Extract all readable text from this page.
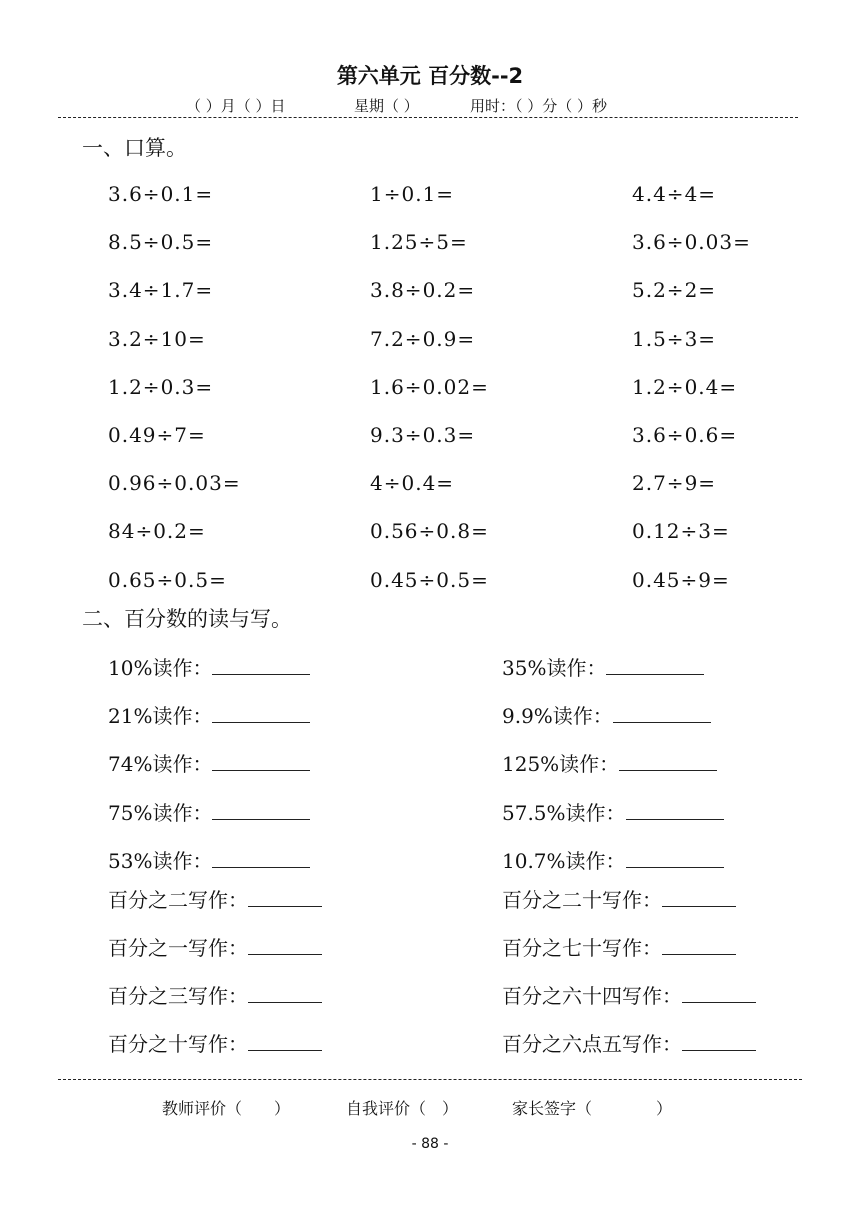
第六单元 百分数--2
（ ）月（ ）日	星期（ ）	用时：（ ）分（ ）秒
一、口算。
3.6÷0.1=	1÷0.1=	4.4÷4=
8.5÷0.5=	1.25÷5=	3.6÷0.03=
3.4÷1.7=	3.8÷0.2=	5.2÷2=
3.2÷10=	7.2÷0.9=	1.5÷3=
1.2÷0.3=	1.6÷0.02=	1.2÷0.4=
0.49÷7=	9.3÷0.3=	3.6÷0.6=
0.96÷0.03=	4÷0.4=	2.7÷9=
84÷0.2=	0.56÷0.8=	0.12÷3=
0.65÷0.5=	0.45÷0.5=	0.45÷9=
二、百分数的读与写。
10%读作：	35%读作：
21%读作：	9.9%读作：
74%读作：	125%读作：
75%读作：	57.5%读作：
53%读作：	10.7%读作：
百分之二写作：	百分之二十写作：
百分之一写作：	百分之七十写作：
百分之三写作：	百分之六十四写作：
百分之十写作：	百分之六点五写作：
教师评价（　　）	自我评价（　）	家长签字（　　　　）
- 88 -
